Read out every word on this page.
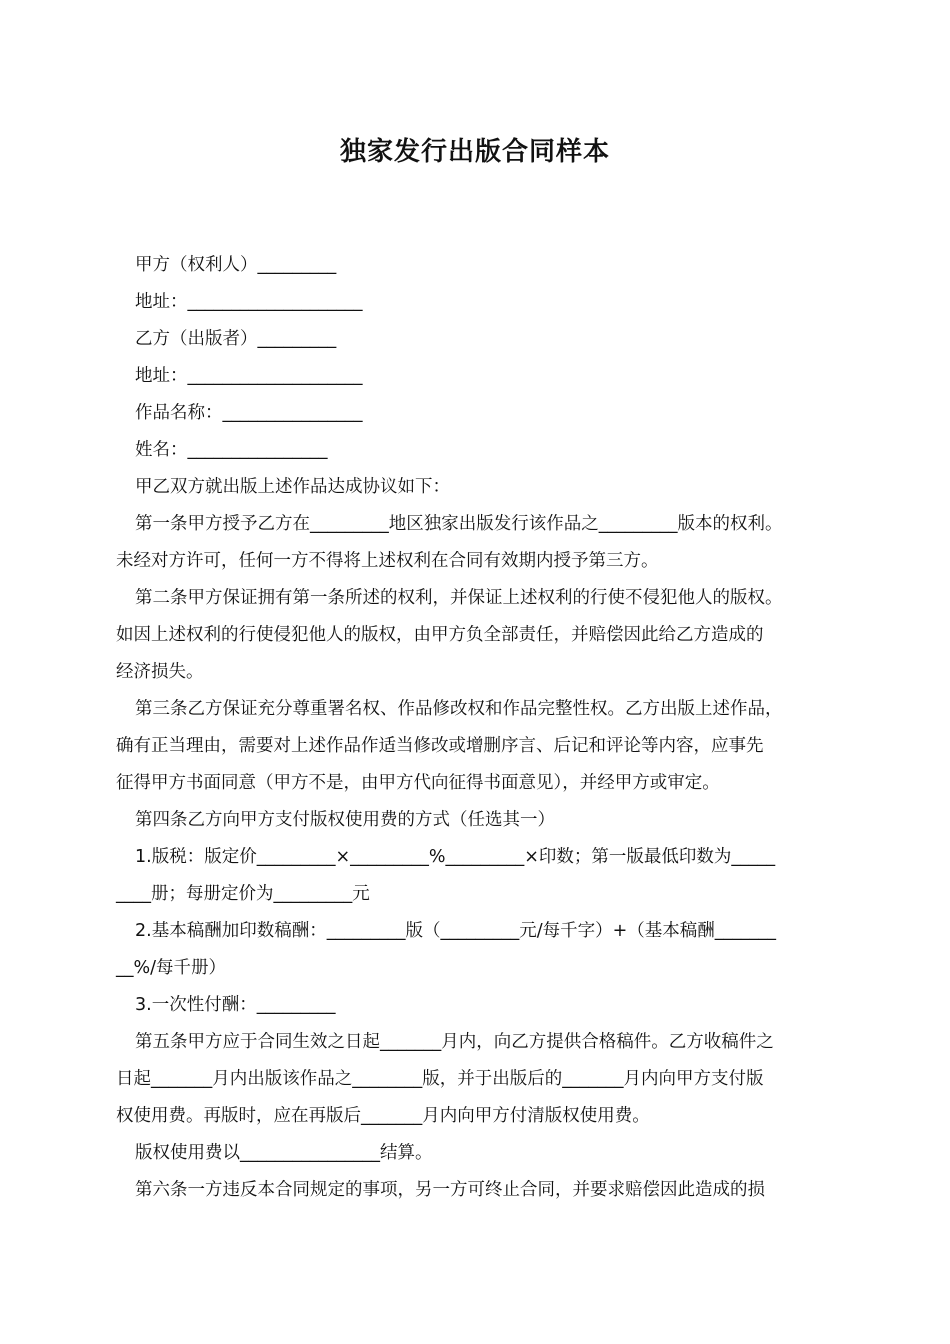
独家发行出版合同样本

甲方（权利人）_________

地址：____________________

乙方（出版者）_________

地址：____________________

作品名称：________________

姓名：________________

甲乙双方就出版上述作品达成协议如下：

第一条甲方授予乙方在_________地区独家出版发行该作品之_________版本的权利。

未经对方许可，任何一方不得将上述权利在合同有效期内授予第三方。

第二条甲方保证拥有第一条所述的权利，并保证上述权利的行使不侵犯他人的版权。

如因上述权利的行使侵犯他人的版权，由甲方负全部责任，并赔偿因此给乙方造成的

经济损失。

第三条乙方保证充分尊重署名权、作品修改权和作品完整性权。乙方出版上述作品，

确有正当理由，需要对上述作品作适当修改或增删序言、后记和评论等内容，应事先

征得甲方书面同意（甲方不是，由甲方代向征得书面意见），并经甲方或审定。

第四条乙方向甲方支付版权使用费的方式（任选其一）

1.版税：版定价_________×_________%_________×印数；第一版最低印数为_____

____册；每册定价为_________元

2.基本稿酬加印数稿酬：_________版（_________元/每千字）+（基本稿酬_______

__%/每千册）

3.一次性付酬：_________

第五条甲方应于合同生效之日起_______月内，向乙方提供合格稿件。乙方收稿件之

日起_______月内出版该作品之________版，并于出版后的_______月内向甲方支付版

权使用费。再版时，应在再版后_______月内向甲方付清版权使用费。

版权使用费以________________结算。

第六条一方违反本合同规定的事项，另一方可终止合同，并要求赔偿因此造成的损
